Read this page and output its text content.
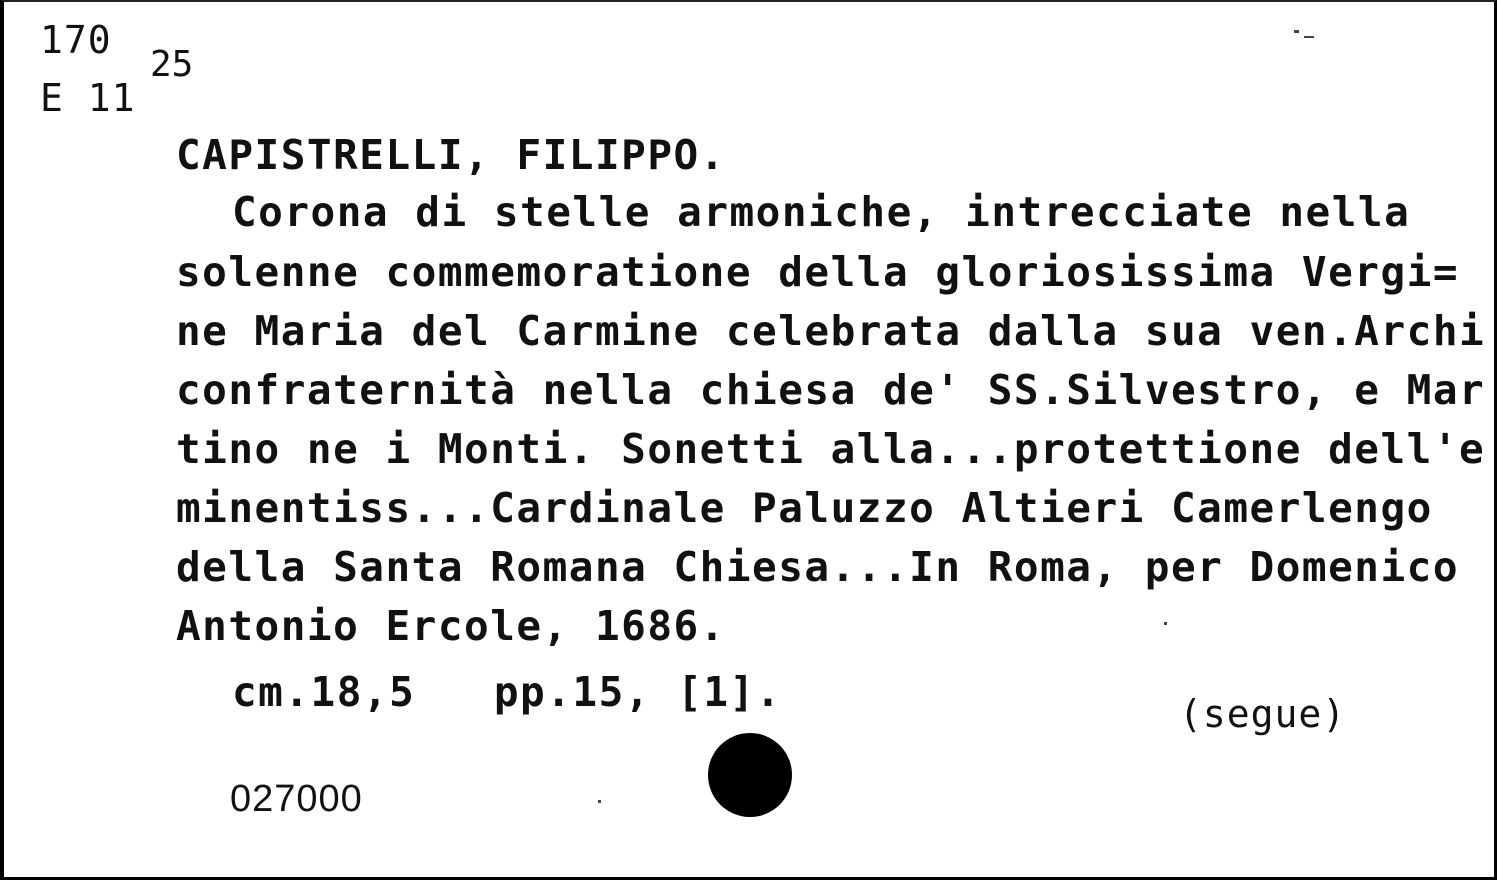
170
E 11
25
CAPISTRELLI, FILIPPO.
Corona di stelle armoniche, intrecciate nella
solenne commemoratione della gloriosissima Vergi=
ne Maria del Carmine celebrata dalla sua ven.Archi
confraternità nella chiesa de' SS.Silvestro, e Mar
tino ne i Monti. Sonetti alla...protettione dell'e
minentiss...Cardinale Paluzzo Altieri Camerlengo
della Santa Romana Chiesa...In Roma, per Domenico
Antonio Ercole, 1686.
cm.18,5   pp.15, [1].	(segue)
027000
